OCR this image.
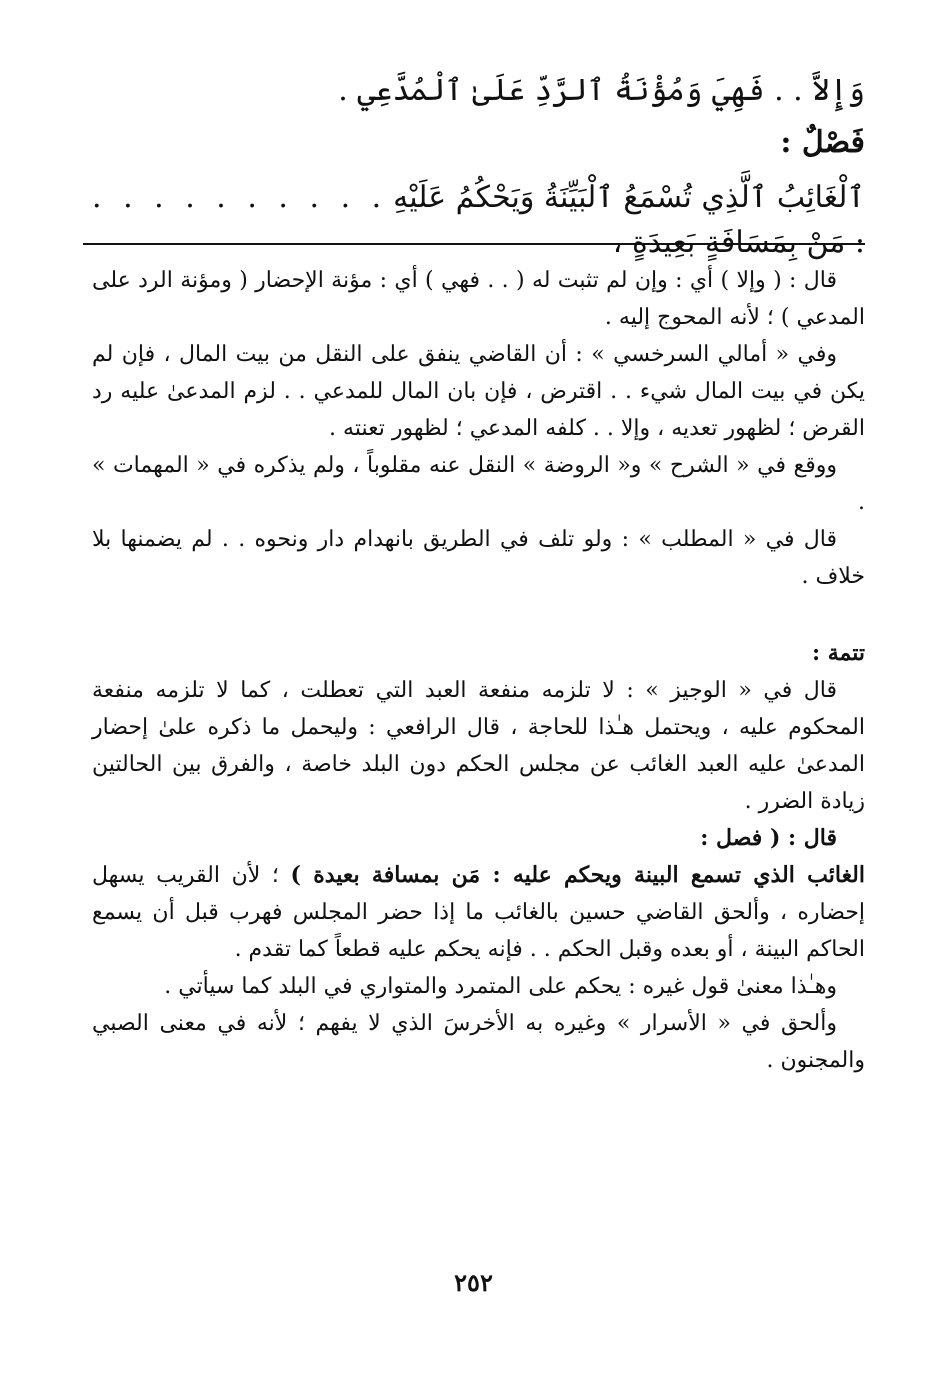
وَإِلاَّ . . فَهِيَ وَمُؤْنَةُ ٱلرَّدِّ عَلَىٰ ٱلْمُدَّعِي .
فَصْلٌ :
ٱلْغَائِبُ ٱلَّذِي تُسْمَعُ ٱلْبَيِّنَةُ وَيَحْكُمُ عَلَيْهِ : مَنْ بِمَسَافَةٍ بَعِيدَةٍ ،
. . . . . . . . . .

قال : ( وإلا ) أي : وإن لم تثبت له ( . . فهي ) أي : مؤنة الإحضار ( ومؤنة الرد على المدعي ) ؛ لأنه المحوج إليه .

وفي « أمالي السرخسي » : أن القاضي ينفق على النقل من بيت المال ، فإن لم يكن في بيت المال شيء . . اقترض ، فإن بان المال للمدعي . . لزم المدعىٰ عليه رد القرض ؛ لظهور تعديه ، وإلا . . كلفه المدعي ؛ لظهور تعنته .

ووقع في « الشرح » و« الروضة » النقل عنه مقلوباً ، ولم يذكره في « المهمات » .

قال في « المطلب » : ولو تلف في الطريق بانهدام دار ونحوه . . لم يضمنها بلا خلاف .

تتمة :

قال في « الوجيز » : لا تلزمه منفعة العبد التي تعطلت ، كما لا تلزمه منفعة المحكوم عليه ، ويحتمل هـٰذا للحاجة ، قال الرافعي : وليحمل ما ذكره علىٰ إحضار المدعىٰ عليه العبد الغائب عن مجلس الحكم دون البلد خاصة ، والفرق بين الحالتين زيادة الضرر .

قال : ( فصل :

الغائب الذي تسمع البينة ويحكم عليه : مَن بمسافة بعيدة ) ؛ لأن القريب يسهل إحضاره ، وألحق القاضي حسين بالغائب ما إذا حضر المجلس فهرب قبل أن يسمع الحاكم البينة ، أو بعده وقبل الحكم . . فإنه يحكم عليه قطعاً كما تقدم .

وهـٰذا معنىٰ قول غيره : يحكم على المتمرد والمتواري في البلد كما سيأتي .

وألحق في « الأسرار » وغيره به الأخرسَ الذي لا يفهم ؛ لأنه في معنى الصبي والمجنون .

٢٥٢
